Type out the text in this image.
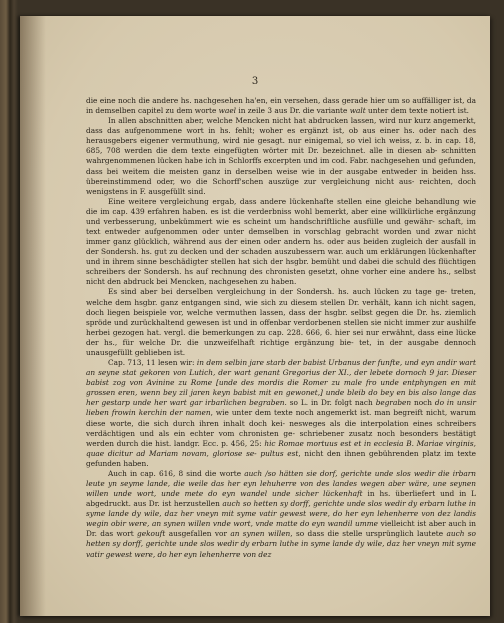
3

die eine noch die andere hs. nachgesehen ha'en, ein versehen, dass gerade hier um so auffälliger ist, da in demselben capitel zu dem worte wael in zeile 3 aus Dr. die variante walt unter dem texte notiert ist.

In allen abschnitten aber, welche Mencken nicht hat abdrucken lassen, wird nur kurz angemerkt, dass das aufgenommene wort in hs. fehlt; woher es ergänzt ist, ob aus einer hs. oder nach des herausgebers eigener vermuthung, wird nie gesagt. nur einigemal, so viel ich weiss, z. b. in cap. 18, 685, 708 werden die dem texte eingefügten wörter mit Dr. bezeichnet. alle in diesen ab- schnitten wahrgenommenen lücken habe ich in Schlorffs excerpten und im cod. Fabr. nachgesehen und gefunden, dass bei weitem die meisten ganz in derselben weise wie in der ausgabe entweder in beiden hss. übereinstimmend oder, wo die Schorff'schen auszüge zur vergleichung nicht aus- reichten, doch wenigstens in F. ausgefüllt sind.

Eine weitere vergleichung ergab, dass andere lückenhafte stellen eine gleiche behandlung wie die im cap. 439 erfahren haben. es ist die verderbniss wohl bemerkt, aber eine willkürliche ergänzung und verbesserung, unbekümmert wie es scheint um handschriftliche ausfülle und gewähr- schaft, im text entweder aufgenommen oder unter demselben in vorschlag gebracht worden und zwar nicht immer ganz glücklich, während aus der einen oder andern hs. oder aus beiden zugleich der ausfall in der Sondersh. hs. gut zu decken und der schaden auszubessern war. auch um erklärungen lückenhafter und in ihrem sinne beschädigter stellen hat sich der hsgbr. bemüht und dabei die schuld des flüchtigen schreibers der Sondersh. hs auf rechnung des chronisten gesetzt, ohne vorher eine andere hs., selbst nicht den abdruck bei Mencken, nachgesehen zu haben.

Es sind aber bei derselben vergleichung in der Sondersh. hs. auch lücken zu tage ge- treten, welche dem hsgbr. ganz entgangen sind, wie sich zu diesem stellen Dr. verhält, kann ich nicht sagen, doch liegen beispiele vor, welche vermuthen lassen, dass der hsgbr. selbst gegen die Dr. hs. ziemlich spröde und zurückhaltend gewesen ist und in offenbar verdorbenen stellen sie nicht immer zur aushilfe herbei gezogen hat. vergl. die bemerkungen zu cap. 228. 666, 6. hier sei nur erwähnt, dass eine lücke der hs., für welche Dr. die unzweifelhaft richtige ergänzung bie- tet, in der ausgabe dennoch unausgefüllt geblieben ist.

Cap. 713, 11 lesen wir: in dem selbin jare starb der babist Urbanus der funfte, und eyn andir wart an seyne stat gekoren von Lutich, der wart genant Gregorius der XI., der lebete dornoch 9 jar. Dieser babist zog von Avinine zu Rome [unde des mordis die Romer zu male fro unde entphyngen en mit grossen eren, wenn bey zil jaren keyn babist mit en gewonet,] unde bleib do bey en bis also lange das her gestarp unde her wart gar irbarlichen begraben. so L. in Dr. folgt nach begraben noch do in unsir lieben frowin kerchin der namen, wie unter dem texte noch angemerkt ist. man begreift nicht, warum diese worte, die sich durch ihren inhalt doch kei- nesweges als die interpolation eines schreibers verdächtigen und als ein echter vom chronisten ge- schriebener zusatz noch besonders bestätigt werden durch die hist. landgr. Ecc. p. 456, 25: hic Romae mortuus est et in ecclesia B. Mariae virginis, quae dicitur ad Mariam novam, gloriose se- pultus est, nicht den ihnen gebührenden platz im texte gefunden haben.

Auch in cap. 616, 8 sind die worte auch /so hätten sie dorf, gerichte unde slos wedir die irbarn leute yn seyme lande, die weile das her eyn lehuherre von des landes wegen aber wäre, une seynen willen unde wort, unde mete do eyn wandel unde sicher lückenhaft in hs. überliefert und in L abgedruckt. aus Dr. ist herzustellen auch so hetten sy dorff, gerichte unde slos wedir dy erbarn luthe in syme lande dy wile, daz her vneyn mit syme vatir gewest were, do her eyn lehenherre von dez landis wegin obir were, an synen willen vnde wort, vnde matte do eyn wandil umme vielleicht ist aber auch in Dr. das wort gekouft ausgefallen vor an synen willen, so dass die stelle ursprünglich lautete auch so hetten sy dorff, gerichte unde slos wedir dy erbarn luthe in syme lande dy wile, daz her vneyn mit syme vatir gewest were, do her eyn lehenherre von dez
